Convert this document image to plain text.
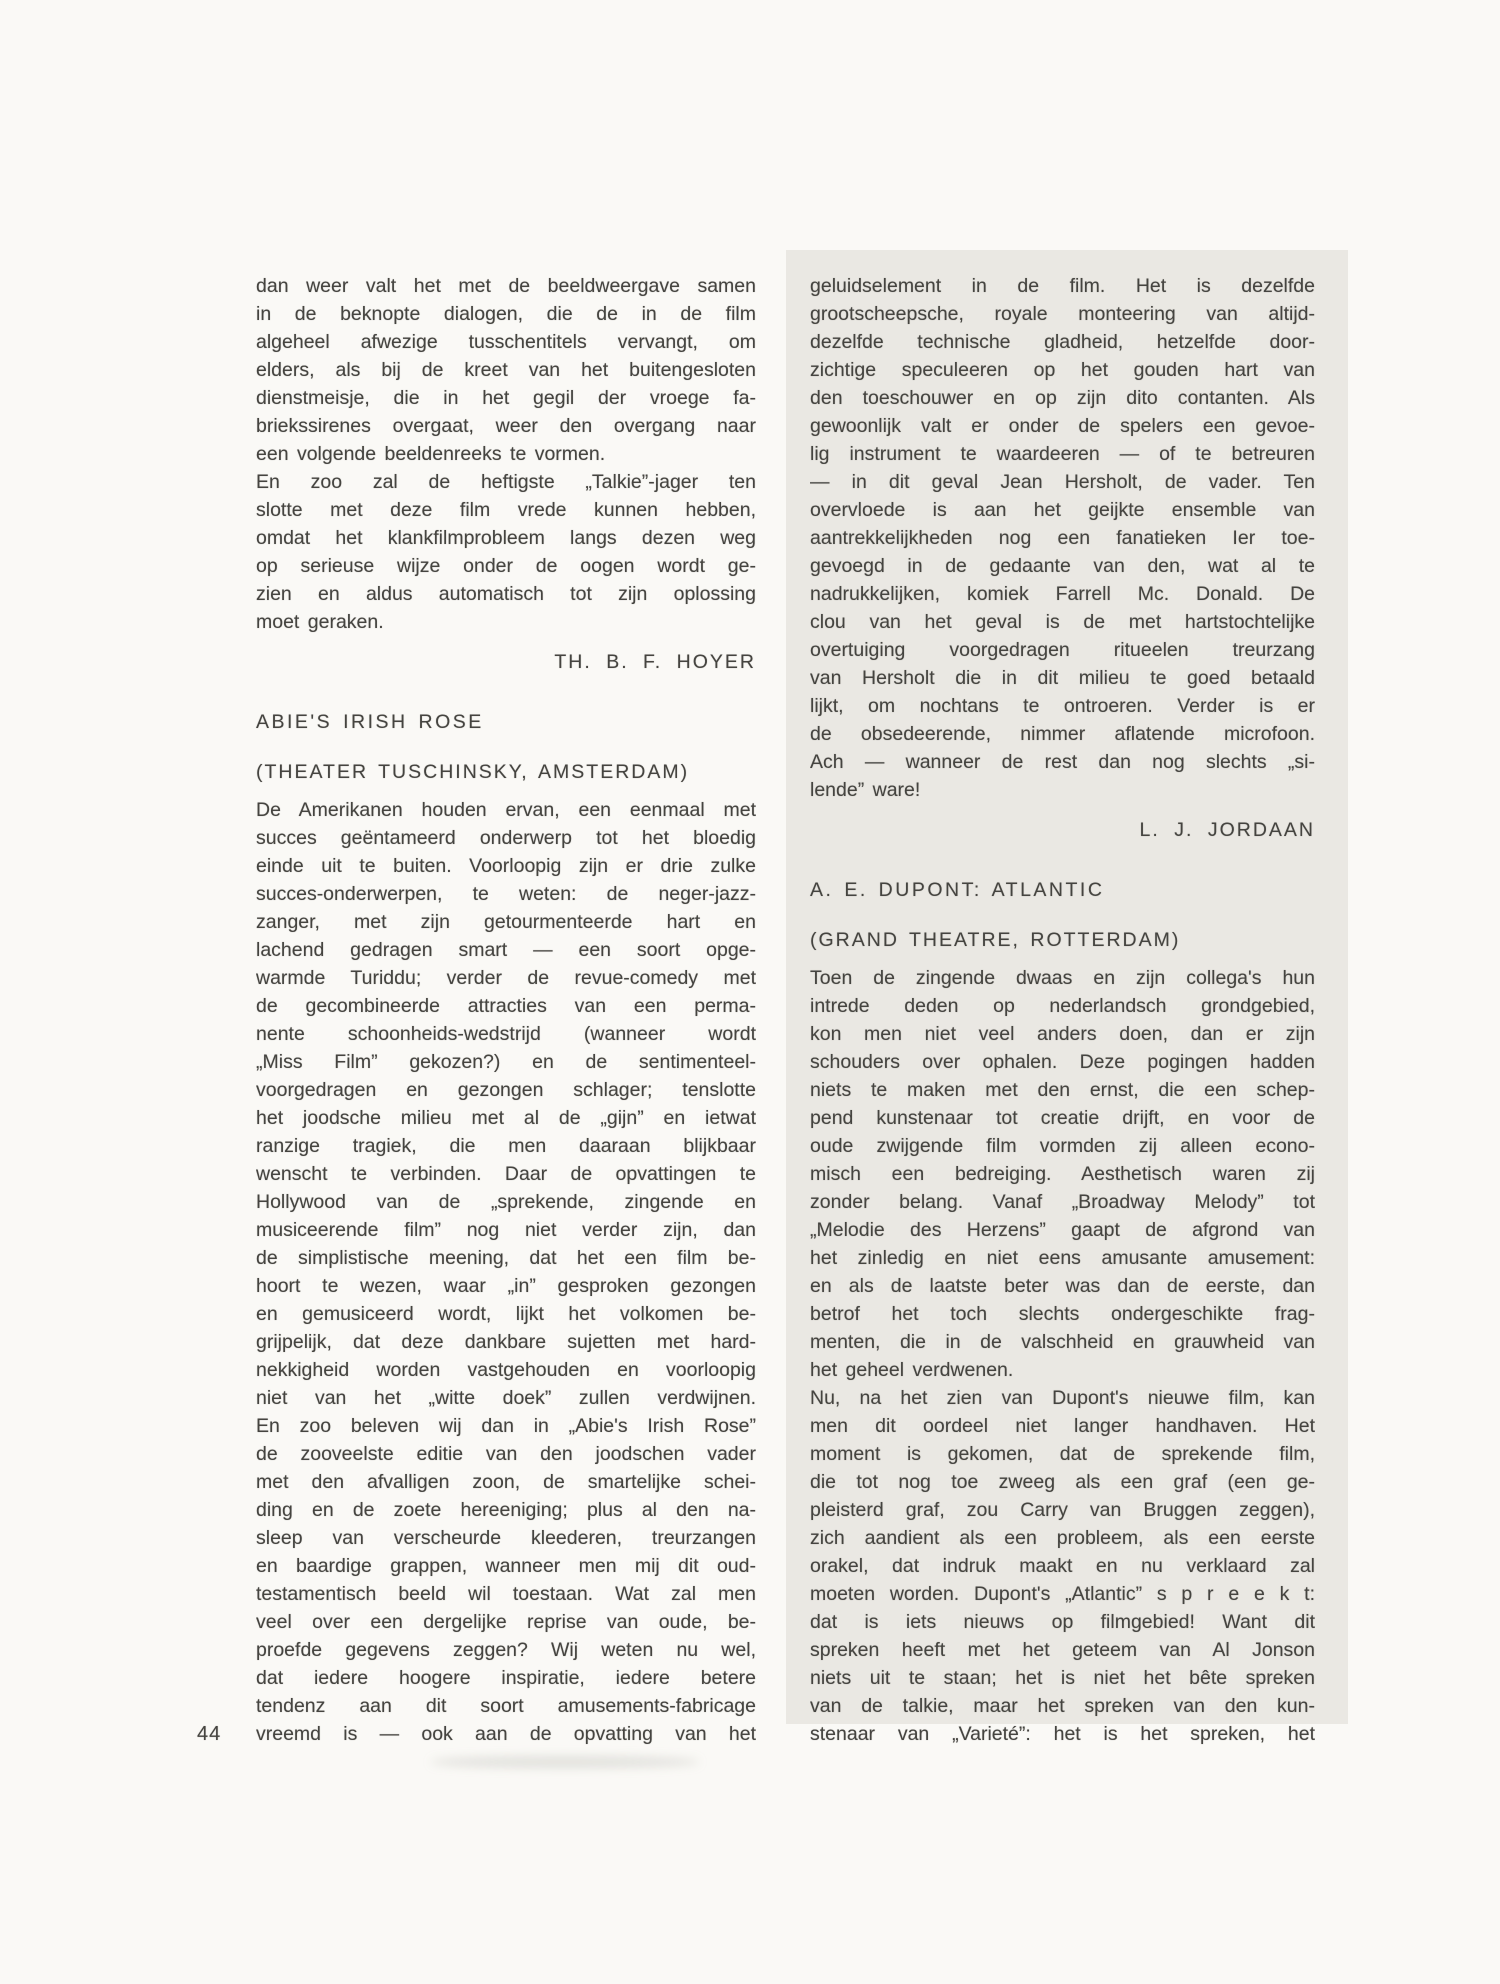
dan weer valt het met de beeldweergave samen
in de beknopte dialogen, die de in de film
algeheel afwezige tusschentitels vervangt, om
elders, als bij de kreet van het buitengesloten
dienstmeisje, die in het gegil der vroege fa-
briekssirenes overgaat, weer den overgang naar
een volgende beeldenreeks te vormen.
En zoo zal de heftigste „Talkie”-jager ten
slotte met deze film vrede kunnen hebben,
omdat het klankfilmprobleem langs dezen weg
op serieuse wijze onder de oogen wordt ge-
zien en aldus automatisch tot zijn oplossing
moet geraken.
TH. B. F. HOYER
ABIE'S IRISH ROSE
(THEATER TUSCHINSKY, AMSTERDAM)
De Amerikanen houden ervan, een eenmaal met
succes geëntameerd onderwerp tot het bloedig
einde uit te buiten. Voorloopig zijn er drie zulke
succes-onderwerpen, te weten: de neger-jazz-
zanger, met zijn getourmenteerde hart en
lachend gedragen smart — een soort opge-
warmde Turiddu; verder de revue-comedy met
de gecombineerde attracties van een perma-
nente schoonheids-wedstrijd (wanneer wordt
„Miss Film” gekozen?) en de sentimenteel-
voorgedragen en gezongen schlager; tenslotte
het joodsche milieu met al de „gijn” en ietwat
ranzige tragiek, die men daaraan blijkbaar
wenscht te verbinden. Daar de opvattingen te
Hollywood van de „sprekende, zingende en
musiceerende film” nog niet verder zijn, dan
de simplistische meening, dat het een film be-
hoort te wezen, waar „in” gesproken gezongen
en gemusiceerd wordt, lijkt het volkomen be-
grijpelijk, dat deze dankbare sujetten met hard-
nekkigheid worden vastgehouden en voorloopig
niet van het „witte doek” zullen verdwijnen.
En zoo beleven wij dan in „Abie's Irish Rose”
de zooveelste editie van den joodschen vader
met den afvalligen zoon, de smartelijke schei-
ding en de zoete hereeniging; plus al den na-
sleep van verscheurde kleederen, treurzangen
en baardige grappen, wanneer men mij dit oud-
testamentisch beeld wil toestaan. Wat zal men
veel over een dergelijke reprise van oude, be-
proefde gegevens zeggen? Wij weten nu wel,
dat iedere hoogere inspiratie, iedere betere
tendenz aan dit soort amusements-fabricage
vreemd is — ook aan de opvatting van het
geluidselement in de film. Het is dezelfde
grootscheepsche, royale monteering van altijd-
dezelfde technische gladheid, hetzelfde door-
zichtige speculeeren op het gouden hart van
den toeschouwer en op zijn dito contanten. Als
gewoonlijk valt er onder de spelers een gevoe-
lig instrument te waardeeren — of te betreuren
— in dit geval Jean Hersholt, de vader. Ten
overvloede is aan het geijkte ensemble van
aantrekkelijkheden nog een fanatieken Ier toe-
gevoegd in de gedaante van den, wat al te
nadrukkelijken, komiek Farrell Mc. Donald. De
clou van het geval is de met hartstochtelijke
overtuiging voorgedragen ritueelen treurzang
van Hersholt die in dit milieu te goed betaald
lijkt, om nochtans te ontroeren. Verder is er
de obsedeerende, nimmer aflatende microfoon.
Ach — wanneer de rest dan nog slechts „si-
lende” ware!
L. J. JORDAAN
A. E. DUPONT: ATLANTIC
(GRAND THEATRE, ROTTERDAM)
Toen de zingende dwaas en zijn collega's hun
intrede deden op nederlandsch grondgebied,
kon men niet veel anders doen, dan er zijn
schouders over ophalen. Deze pogingen hadden
niets te maken met den ernst, die een schep-
pend kunstenaar tot creatie drijft, en voor de
oude zwijgende film vormden zij alleen econo-
misch een bedreiging. Aesthetisch waren zij
zonder belang. Vanaf „Broadway Melody” tot
„Melodie des Herzens” gaapt de afgrond van
het zinledig en niet eens amusante amusement:
en als de laatste beter was dan de eerste, dan
betrof het toch slechts ondergeschikte frag-
menten, die in de valschheid en grauwheid van
het geheel verdwenen.
Nu, na het zien van Dupont's nieuwe film, kan
men dit oordeel niet langer handhaven. Het
moment is gekomen, dat de sprekende film,
die tot nog toe zweeg als een graf (een ge-
pleisterd graf, zou Carry van Bruggen zeggen),
zich aandient als een probleem, als een eerste
orakel, dat indruk maakt en nu verklaard zal
moeten worden. Dupont's „Atlantic” s p r e e k t:
dat is iets nieuws op filmgebied! Want dit
spreken heeft met het geteem van Al Jonson
niets uit te staan; het is niet het bête spreken
van de talkie, maar het spreken van den kun-
stenaar van „Varieté”: het is het spreken, het
44
